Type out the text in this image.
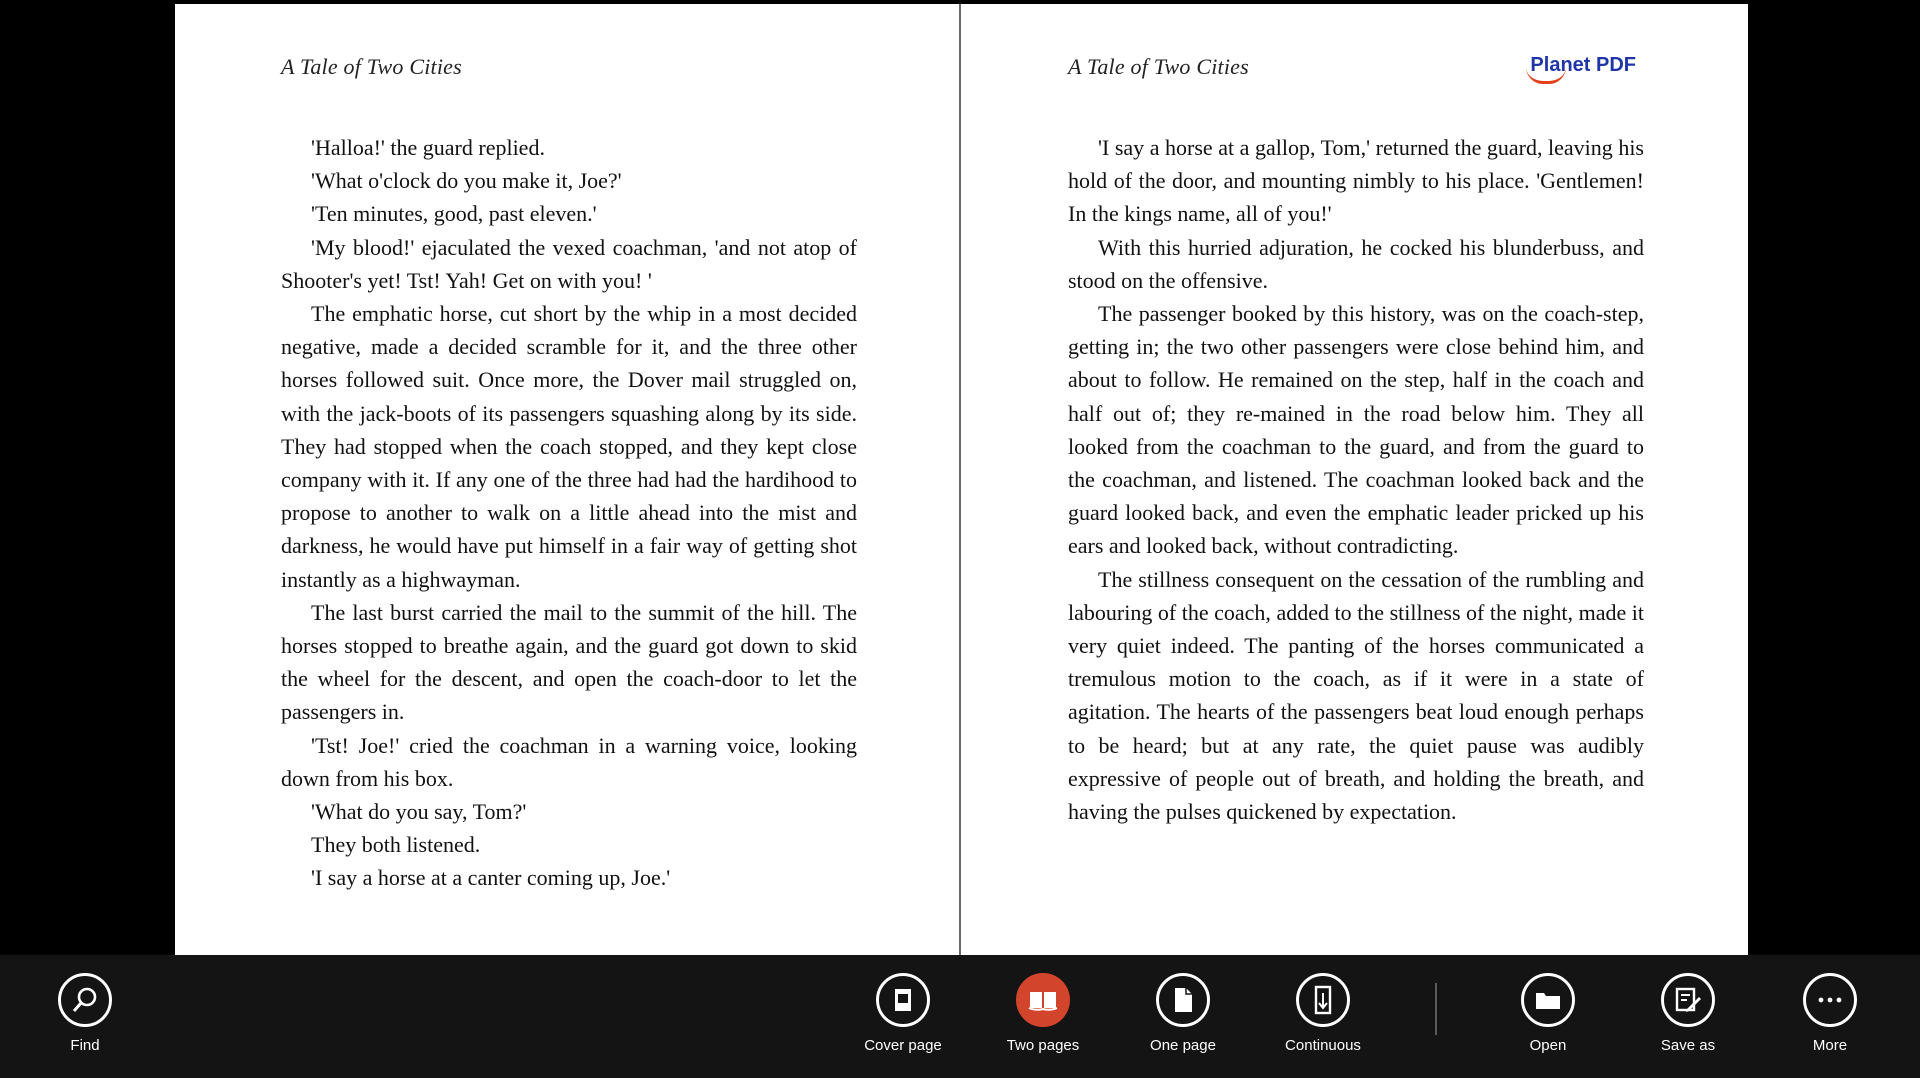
A Tale of Two Cities

'Halloa!' the guard replied.

'What o'clock do you make it, Joe?'

'Ten minutes, good, past eleven.'

'My blood!' ejaculated the vexed coachman, 'and not atop of Shooter's yet! Tst! Yah! Get on with you! '

The emphatic horse, cut short by the whip in a most decided negative, made a decided scramble for it, and the three other horses followed suit. Once more, the Dover mail struggled on, with the jack-boots of its passengers squashing along by its side. They had stopped when the coach stopped, and they kept close company with it. If any one of the three had had the hardihood to propose to another to walk on a little ahead into the mist and darkness, he would have put himself in a fair way of getting shot instantly as a highwayman.

The last burst carried the mail to the summit of the hill. The horses stopped to breathe again, and the guard got down to skid the wheel for the descent, and open the coach-door to let the passengers in.

'Tst! Joe!' cried the coachman in a warning voice, looking down from his box.

'What do you say, Tom?'

They both listened.

'I say a horse at a canter coming up, Joe.'

A Tale of Two Cities	Planet PDF

'I say a horse at a gallop, Tom,' returned the guard, leaving his hold of the door, and mounting nimbly to his place. 'Gentlemen! In the kings name, all of you!'

With this hurried adjuration, he cocked his blunderbuss, and stood on the offensive.

The passenger booked by this history, was on the coach-step, getting in; the two other passengers were close behind him, and about to follow. He remained on the step, half in the coach and half out of; they re-mained in the road below him. They all looked from the coachman to the guard, and from the guard to the coachman, and listened. The coachman looked back and the guard looked back, and even the emphatic leader pricked up his ears and looked back, without contradicting.

The stillness consequent on the cessation of the rumbling and labouring of the coach, added to the stillness of the night, made it very quiet indeed. The panting of the horses communicated a tremulous motion to the coach, as if it were in a state of agitation. The hearts of the passengers beat loud enough perhaps to be heard; but at any rate, the quiet pause was audibly expressive of people out of breath, and holding the breath, and having the pulses quickened by expectation.

Find	Cover page	Two pages	One page	Continuous	Open	Save as	More
